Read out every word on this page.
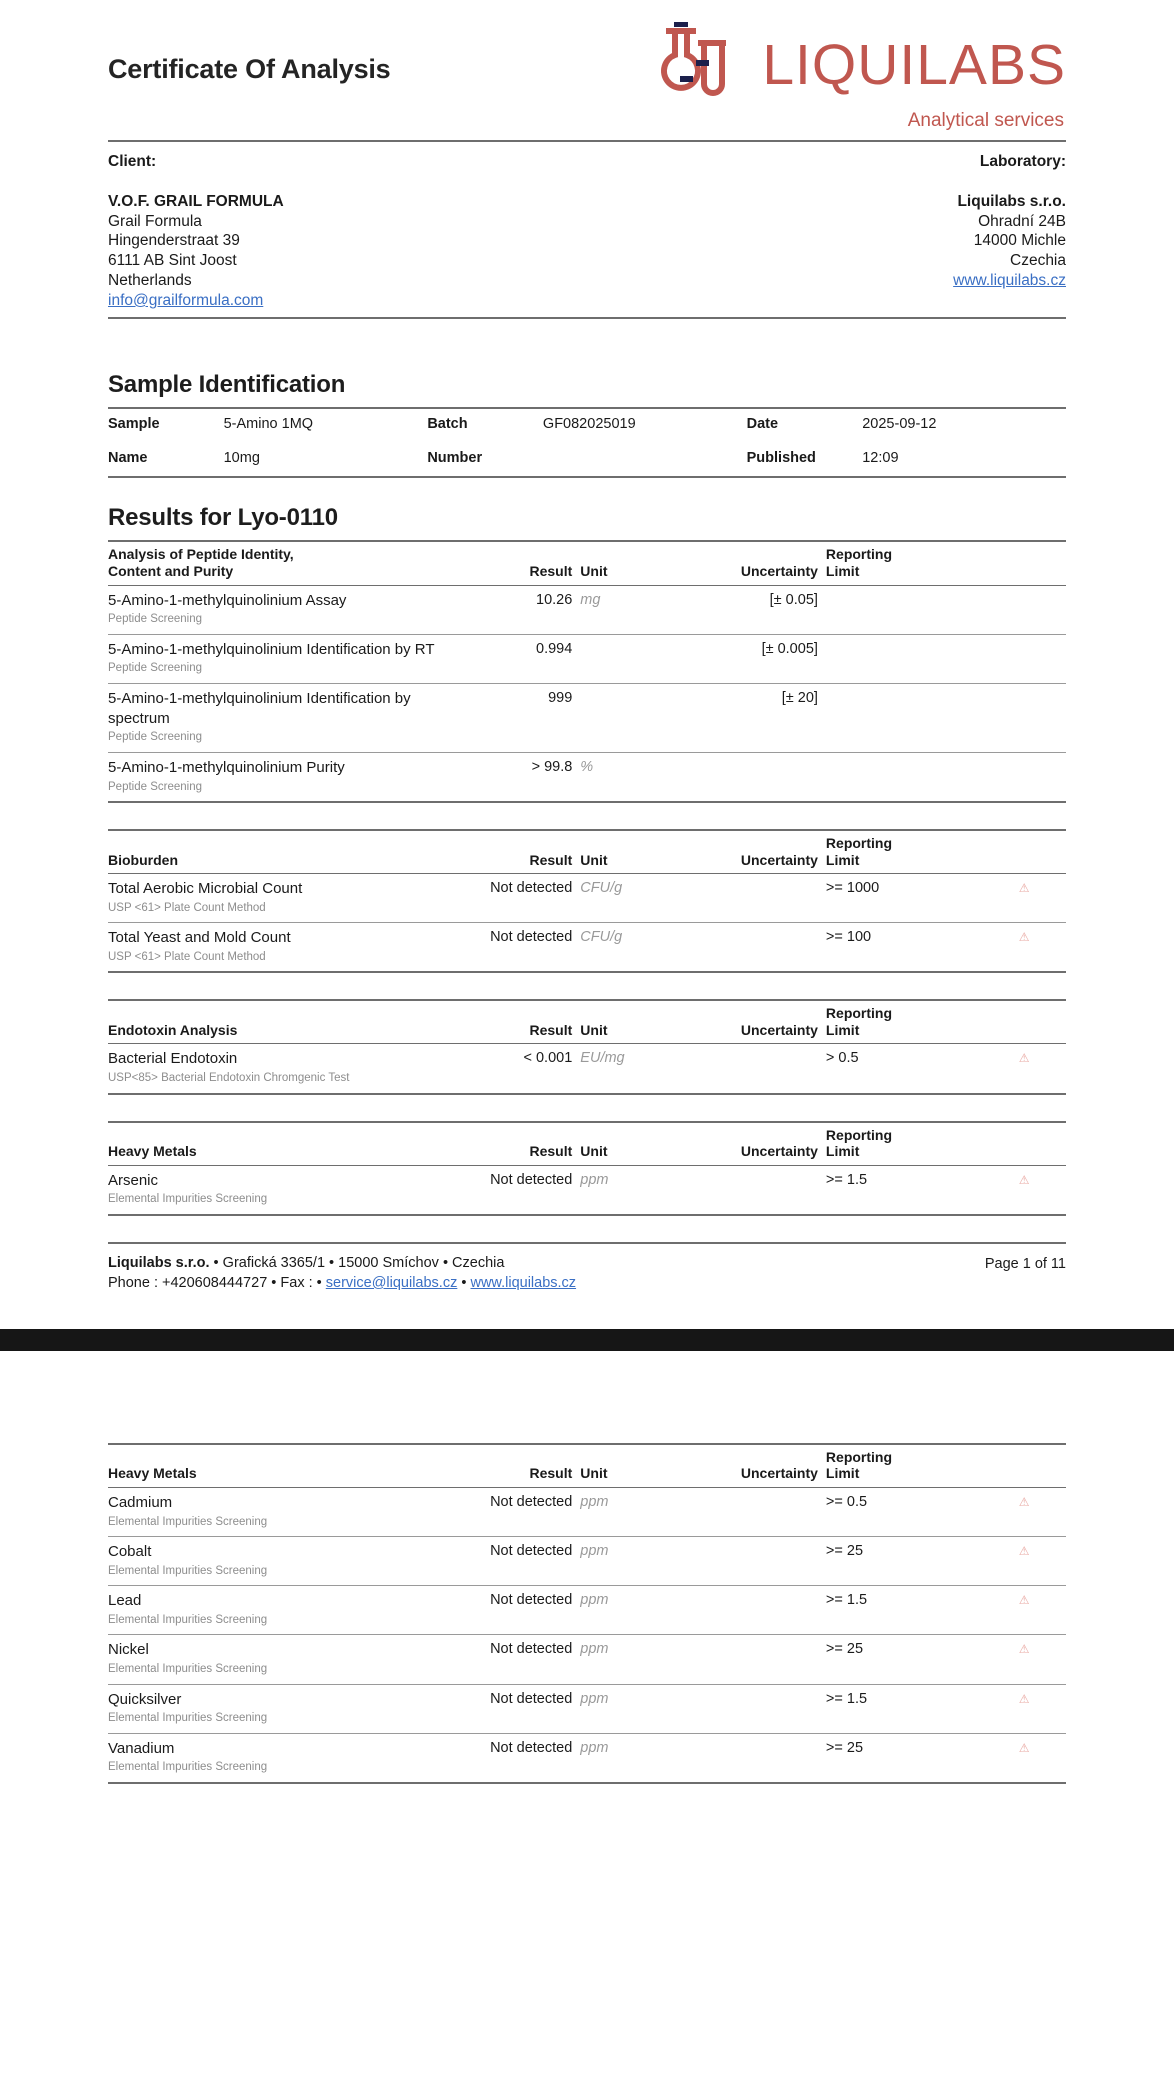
Certificate Of Analysis	LIQUILABS
Analytical services
Client:
V.O.F. GRAIL FORMULA
Grail Formula
Hingenderstraat 39
6111 AB Sint Joost
Netherlands
info@grailformula.com
Laboratory:
Liquilabs s.r.o.
Ohradní 24B
14000 Michle
Czechia
www.liquilabs.cz
Sample Identification
Sample	5-Amino 1MQ	Batch	GF082025019	Date	2025-09-12
Name	10mg	Number		Published	12:09
Results for Lyo-0110
Analysis of Peptide Identity,
Content and Purity	Result	Unit	Uncertainty	
Reporting
Limit

5-Amino-1-methylquinolinium Assay
Peptide Screening	10.26	mg	[± 0.05]		

5-Amino-1-methylquinolinium Identification by RT
Peptide Screening	0.994		[± 0.005]		

5-Amino-1-methylquinolinium Identification by spectrum
Peptide Screening	999		[± 20]		

5-Amino-1-methylquinolinium Purity
Peptide Screening	> 99.8	%			
Bioburden	Result	Unit	Uncertainty	Reporting
Limit	

Total Aerobic Microbial Count
USP <61> Plate Count Method	Not detected	CFU/g		>= 1000	⚠

Total Yeast and Mold Count
USP <61> Plate Count Method	Not detected	CFU/g		>= 100	⚠
Endotoxin Analysis	Result	Unit	Uncertainty	Reporting
Limit	

Bacterial Endotoxin
USP<85> Bacterial Endotoxin Chromgenic Test	< 0.001	EU/mg		> 0.5	⚠
Heavy Metals	Result	Unit	Uncertainty	Reporting
Limit	

Arsenic
Elemental Impurities Screening	Not detected	ppm		>= 1.5	⚠
Liquilabs s.r.o. • Grafická 3365/1 • 15000 Smíchov • Czechia
Phone : +420608444727 • Fax : • service@liquilabs.cz • www.liquilabs.cz
Page 1 of 11
Heavy Metals	Result	Unit	Uncertainty	Reporting
Limit	

Cadmium
Elemental Impurities Screening	Not detected	ppm		>= 0.5	⚠

Cobalt
Elemental Impurities Screening	Not detected	ppm		>= 25	⚠

Lead
Elemental Impurities Screening	Not detected	ppm		>= 1.5	⚠

Nickel
Elemental Impurities Screening	Not detected	ppm		>= 25	⚠

Quicksilver
Elemental Impurities Screening	Not detected	ppm		>= 1.5	⚠

Vanadium
Elemental Impurities Screening	Not detected	ppm		>= 25	⚠
